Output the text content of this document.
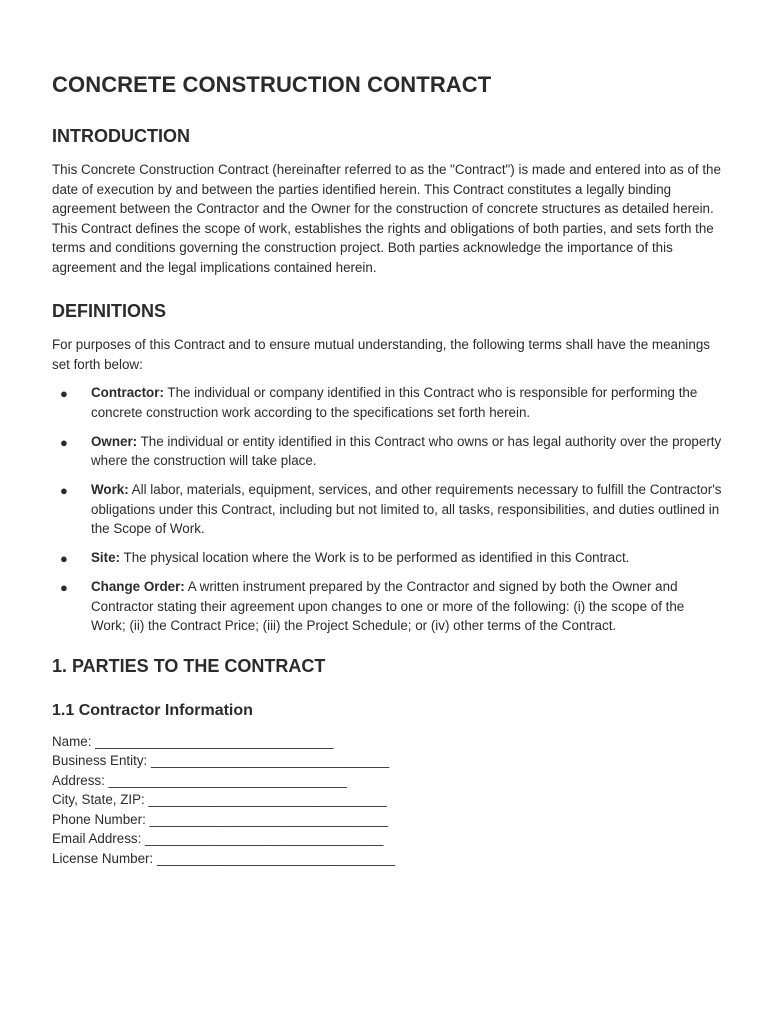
CONCRETE CONSTRUCTION CONTRACT
INTRODUCTION

This Concrete Construction Contract (hereinafter referred to as the "Contract") is made and entered into as of the date of execution by and between the parties identified herein. This Contract constitutes a legally binding agreement between the Contractor and the Owner for the construction of concrete structures as detailed herein. This Contract defines the scope of work, establishes the rights and obligations of both parties, and sets forth the terms and conditions governing the construction project. Both parties acknowledge the importance of this agreement and the legal implications contained herein.

DEFINITIONS

For purposes of this Contract and to ensure mutual understanding, the following terms shall have the meanings set forth below:

● Contractor: The individual or company identified in this Contract who is responsible for performing the concrete construction work according to the specifications set forth herein.
● Owner: The individual or entity identified in this Contract who owns or has legal authority over the property where the construction will take place.
● Work: All labor, materials, equipment, services, and other requirements necessary to fulfill the Contractor's obligations under this Contract, including but not limited to, all tasks, responsibilities, and duties outlined in the Scope of Work.
● Site: The physical location where the Work is to be performed as identified in this Contract.
● Change Order: A written instrument prepared by the Contractor and signed by both the Owner and Contractor stating their agreement upon changes to one or more of the following: (i) the scope of the Work; (ii) the Contract Price; (iii) the Project Schedule; or (iv) other terms of the Contract.
1. PARTIES TO THE CONTRACT
1.1 Contractor Information

Name: ________________________________

Business Entity: ________________________________

Address: ________________________________

City, State, ZIP: ________________________________

Phone Number: ________________________________

Email Address: ________________________________

License Number: ________________________________
